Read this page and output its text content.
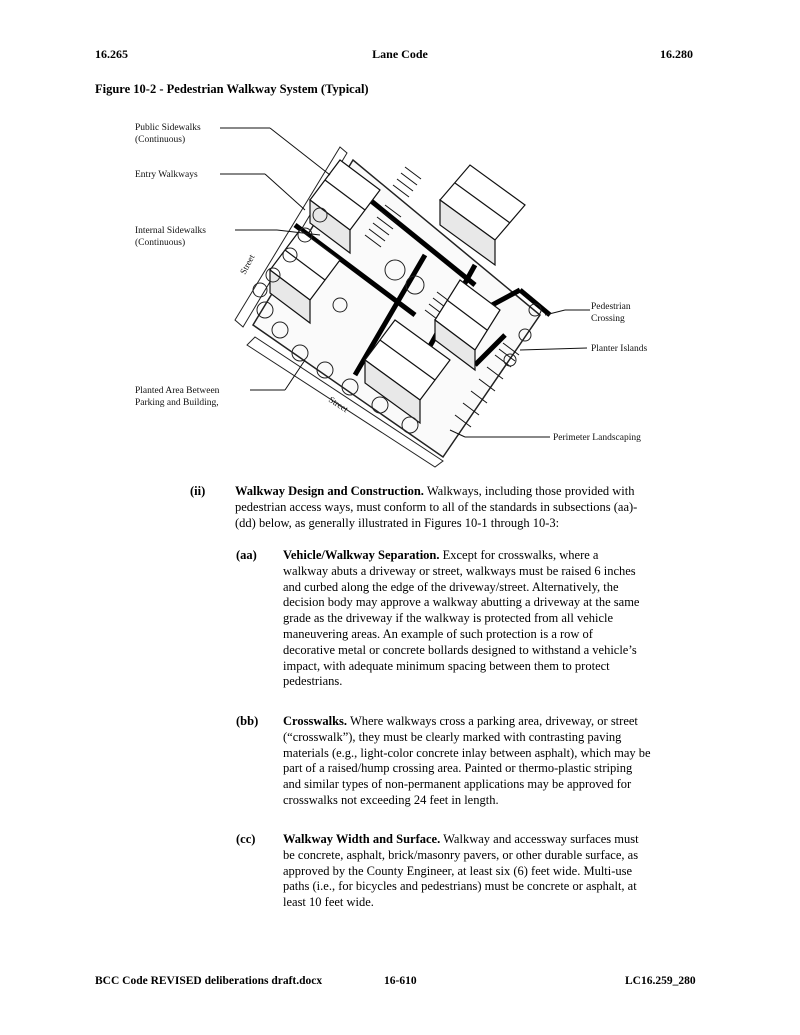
16.265	Lane Code	16.280
Figure 10-2 - Pedestrian Walkway System (Typical)
Public Sidewalks
(Continuous)
Entry Walkways
Internal Sidewalks
(Continuous)
Planted Area Between
Parking and Building,
Pedestrian
Crossing
Planter Islands
Perimeter Landscaping
Street
Street
(ii) Walkway Design and Construction. Walkways, including those provided with
pedestrian access ways, must conform to all of the standards in subsections (aa)-
(dd) below, as generally illustrated in Figures 10-1 through 10-3:
(aa) Vehicle/Walkway Separation. Except for crosswalks, where a
walkway abuts a driveway or street, walkways must be raised 6 inches
and curbed along the edge of the driveway/street. Alternatively, the
decision body may approve a walkway abutting a driveway at the same
grade as the driveway if the walkway is protected from all vehicle
maneuvering areas. An example of such protection is a row of
decorative metal or concrete bollards designed to withstand a vehicle’s
impact, with adequate minimum spacing between them to protect
pedestrians.
(bb) Crosswalks. Where walkways cross a parking area, driveway, or street
(“crosswalk”), they must be clearly marked with contrasting paving
materials (e.g., light-color concrete inlay between asphalt), which may be
part of a raised/hump crossing area. Painted or thermo-plastic striping
and similar types of non-permanent applications may be approved for
crosswalks not exceeding 24 feet in length.
(cc) Walkway Width and Surface. Walkway and accessway surfaces must
be concrete, asphalt, brick/masonry pavers, or other durable surface, as
approved by the County Engineer, at least six (6) feet wide. Multi-use
paths (i.e., for bicycles and pedestrians) must be concrete or asphalt, at
least 10 feet wide.
BCC Code REVISED deliberations draft.docx	16-610	LC16.259_280
